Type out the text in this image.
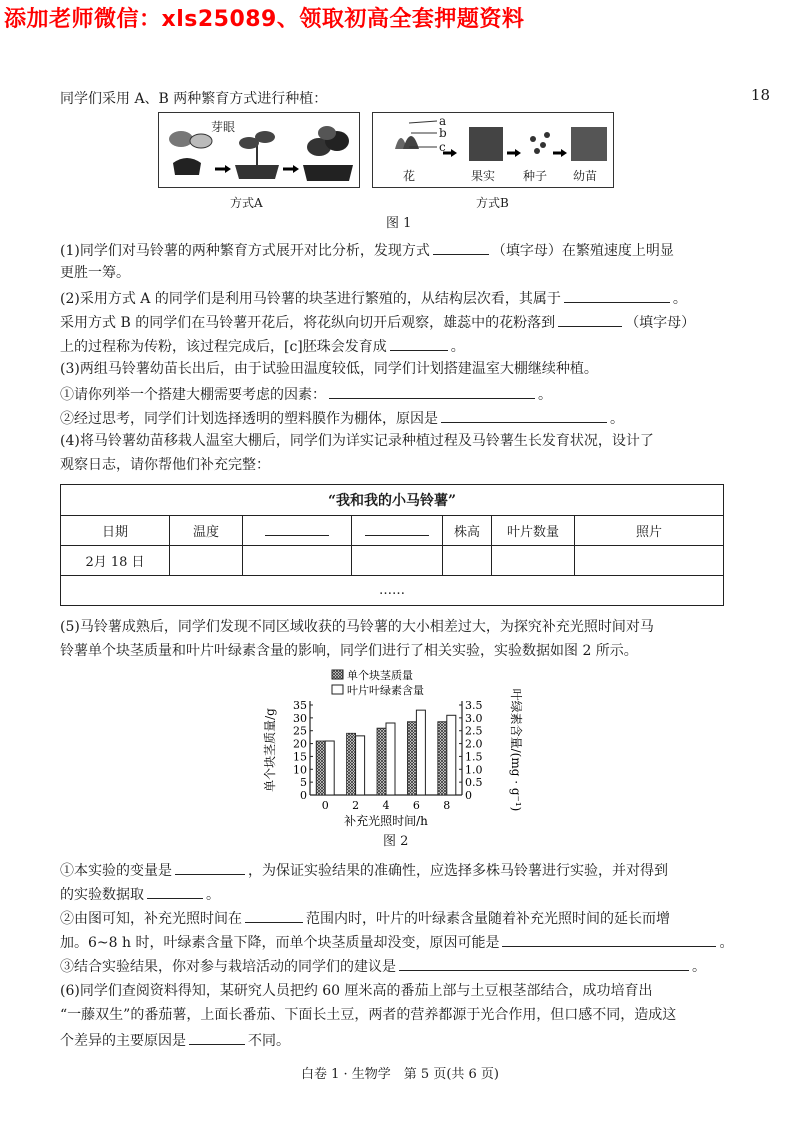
添加老师微信：xls25089、领取初高全套押题资料
18
同学们采用 A、B 两种繁育方式进行种植：
芽眼
方式A
a
b
c
花	果实 种子 幼苗
方式B
图 1
(1)同学们对马铃薯的两种繁育方式展开对比分析，发现方式	（填字母）在繁殖速度上明显
更胜一筹。
(2)采用方式 A 的同学们是利用马铃薯的块茎进行繁殖的，从结构层次看，其属于	。
采用方式 B 的同学们在马铃薯开花后，将花纵向切开后观察，雄蕊中的花粉落到	（填字母）
上的过程称为传粉，该过程完成后，[c]胚珠会发育成	。
(3)两组马铃薯幼苗长出后，由于试验田温度较低，同学们计划搭建温室大棚继续种植。
①请你列举一个搭建大棚需要考虑的因素：	。
②经过思考，同学们计划选择透明的塑料膜作为棚体，原因是	。
(4)将马铃薯幼苗移栽人温室大棚后，同学们为详实记录种植过程及马铃薯生长发育状况，设计了
观察日志，请你帮他们补充完整：
“我和我的小马铃薯”						
日期	温度			株高	叶片数量	照片
2月 18 日						
……						
(5)马铃薯成熟后，同学们发现不同区域收获的马铃薯的大小相差过大，为探究补充光照时间对马
铃薯单个块茎质量和叶片叶绿素含量的影响，同学们进行了相关实验，实验数据如图 2 所示。
单个块茎质量
叶片叶绿素含量
0
5
10
15
20
25
30
35
0
0.5
1.0
1.5
2.0
2.5
3.0
3.5
0 2 4 6 8
补充光照时间/h
单个块茎质量/g	叶绿素含量/(mg · g⁻¹)
图 2
①本实验的变量是	，为保证实验结果的准确性，应选择多株马铃薯进行实验，并对得到
的实验数据取	。
②由图可知，补充光照时间在	范围内时，叶片的叶绿素含量随着补充光照时间的延长而增
加。6~8 h 时，叶绿素含量下降，而单个块茎质量却没变，原因可能是	。
③结合实验结果，你对参与栽培活动的同学们的建议是	。
(6)同学们查阅资料得知，某研究人员把约 60 厘米高的番茄上部与土豆根茎部结合，成功培育出
“一藤双生”的番茄薯，上面长番茄、下面长土豆，两者的营养都源于光合作用，但口感不同，造成这
个差异的主要原因是	不同。
白卷 1 · 生物学　第 5 页(共 6 页)
